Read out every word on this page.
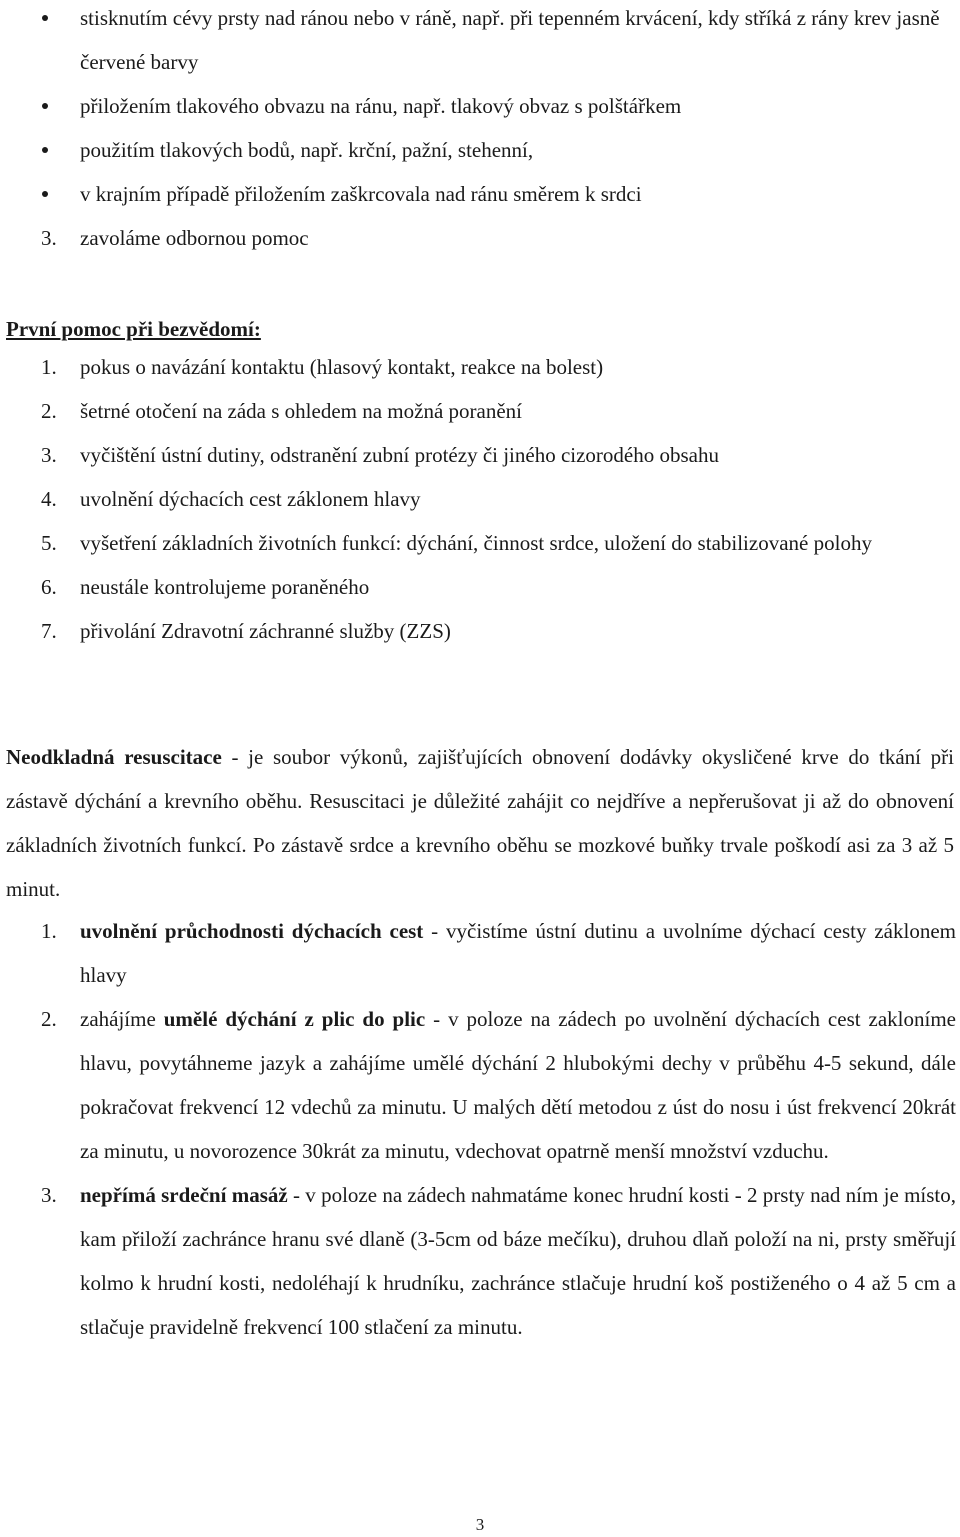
stisknutím cévy prsty nad ránou nebo v ráně, např. při tepenném krvácení, kdy stříká z rány krev jasně červené barvy
přiložením tlakového obvazu na ránu, např. tlakový obvaz s polštářkem
použitím tlakových bodů, např. krční, pažní, stehenní,
v krajním případě přiložením zaškrcovala nad ránu směrem k srdci
3. zavoláme odbornou pomoc
První pomoc při bezvědomí:
1. pokus o navázání kontaktu (hlasový kontakt, reakce na bolest)
2. šetrné otočení na záda s ohledem na možná poranění
3. vyčištění ústní dutiny, odstranění zubní protézy či jiného cizorodého obsahu
4. uvolnění dýchacích cest záklonem hlavy
5. vyšetření základních životních funkcí: dýchání, činnost srdce, uložení do stabilizované polohy
6. neustále kontrolujeme poraněného
7. přivolání Zdravotní záchranné služby (ZZS)

Neodkladná resuscitace - je soubor výkonů, zajišťujících obnovení dodávky okysličené krve do tkání při zástavě dýchání a krevního oběhu. Resuscitaci je důležité zahájit co nejdříve a nepřerušovat ji až do obnovení základních životních funkcí. Po zástavě srdce a krevního oběhu se mozkové buňky trvale poškodí asi za 3 až 5 minut.

1. uvolnění průchodnosti dýchacích cest - vyčistíme ústní dutinu a uvolníme dýchací cesty záklonem hlavy
2. zahájíme umělé dýchání z plic do plic - v poloze na zádech po uvolnění dýchacích cest zakloníme hlavu, povytáhneme jazyk a zahájíme umělé dýchání 2 hlubokými dechy v průběhu 4-5 sekund, dále pokračovat frekvencí 12 vdechů za minutu. U malých dětí metodou z úst do nosu i úst frekvencí 20krát za minutu, u novorozence 30krát za minutu, vdechovat opatrně menší množství vzduchu.
3. nepřímá srdeční masáž - v poloze na zádech nahmatáme konec hrudní kosti - 2 prsty nad ním je místo, kam přiloží zachránce hranu své dlaně (3-5cm od báze mečíku), druhou dlaň položí na ni, prsty směřují kolmo k hrudní kosti, nedoléhají k hrudníku, zachránce stlačuje hrudní koš postiženého o 4 až 5 cm a stlačuje pravidelně frekvencí 100 stlačení za minutu.
3
